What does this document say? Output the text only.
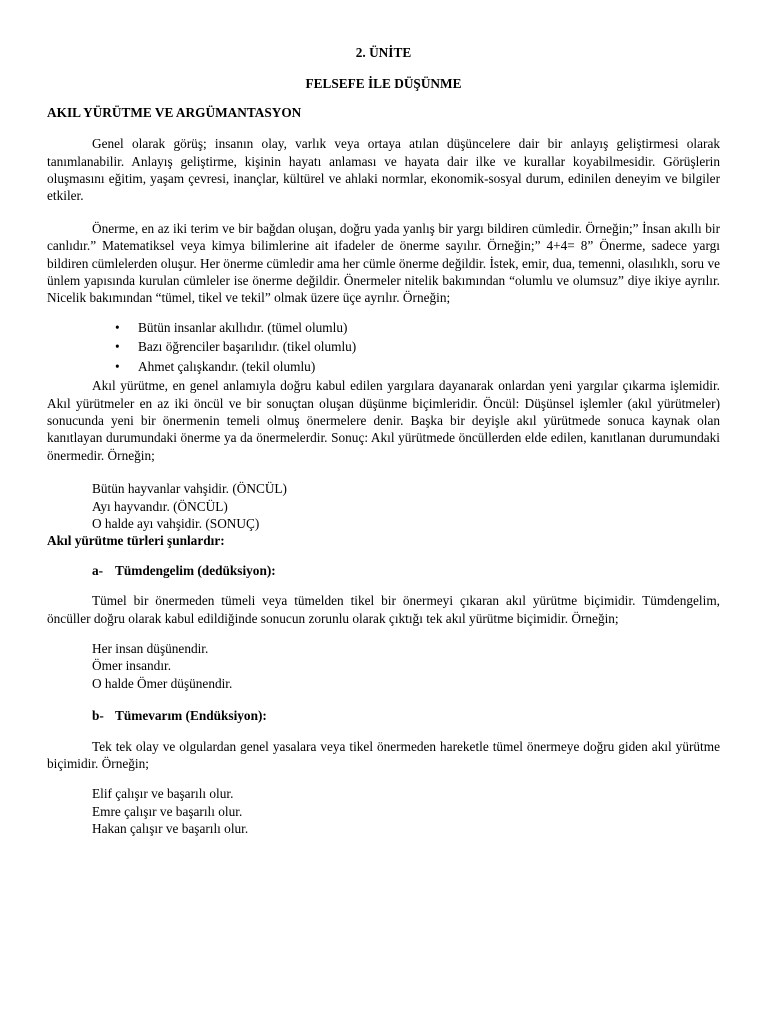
2. ÜNİTE
FELSEFE İLE DÜŞÜNME
AKIL YÜRÜTME VE ARGÜMANTASYON

Genel olarak görüş; insanın olay, varlık veya ortaya atılan düşüncelere dair bir anlayış geliştirmesi olarak tanımlanabilir. Anlayış geliştirme, kişinin hayatı anlaması ve hayata dair ilke ve kurallar koyabilmesidir. Görüşlerin oluşmasını eğitim, yaşam çevresi, inançlar, kültürel ve ahlaki normlar, ekonomik-sosyal durum, edinilen deneyim ve bilgiler etkiler.

Önerme, en az iki terim ve bir bağdan oluşan, doğru yada yanlış bir yargı bildiren cümledir. Örneğin;” İnsan akıllı bir canlıdır.” Matematiksel veya kimya bilimlerine ait ifadeler de önerme sayılır. Örneğin;” 4+4= 8” Önerme, sadece yargı bildiren cümlelerden oluşur. Her önerme cümledir ama her cümle önerme değildir. İstek, emir, dua, temenni, olasılıklı, soru ve ünlem yapısında kurulan cümleler ise önerme değildir. Önermeler nitelik bakımından “olumlu ve olumsuz” diye ikiye ayrılır. Nicelik bakımından “tümel, tikel ve tekil” olmak üzere üçe ayrılır. Örneğin;

• Bütün insanlar akıllıdır. (tümel olumlu)
• Bazı öğrenciler başarılıdır. (tikel olumlu)
• Ahmet çalışkandır. (tekil olumlu)

Akıl yürütme, en genel anlamıyla doğru kabul edilen yargılara dayanarak onlardan yeni yargılar çıkarma işlemidir. Akıl yürütmeler en az iki öncül ve bir sonuçtan oluşan düşünme biçimleridir. Öncül: Düşünsel işlemler (akıl yürütmeler) sonucunda yeni bir önermenin temeli olmuş önermelere denir. Başka bir deyişle akıl yürütmede sonuca kaynak olan kanıtlayan durumundaki önerme ya da önermelerdir. Sonuç: Akıl yürütmede öncüllerden elde edilen, kanıtlanan durumundaki önermedir. Örneğin;

Bütün hayvanlar vahşidir. (ÖNCÜL)
Ayı hayvandır. (ÖNCÜL)
O halde ayı vahşidir. (SONUÇ)
Akıl yürütme türleri şunlardır:
a- Tümdengelim (dedüksiyon):

Tümel bir önermeden tümeli veya tümelden tikel bir önermeyi çıkaran akıl yürütme biçimidir. Tümdengelim, öncüller doğru olarak kabul edildiğinde sonucun zorunlu olarak çıktığı tek akıl yürütme biçimidir. Örneğin;

Her insan düşünendir.
Ömer insandır.
O halde Ömer düşünendir.
b- Tümevarım (Endüksiyon):

Tek tek olay ve olgulardan genel yasalara veya tikel önermeden hareketle tümel önermeye doğru giden akıl yürütme biçimidir. Örneğin;

Elif çalışır ve başarılı olur.
Emre çalışır ve başarılı olur.
Hakan çalışır ve başarılı olur.
